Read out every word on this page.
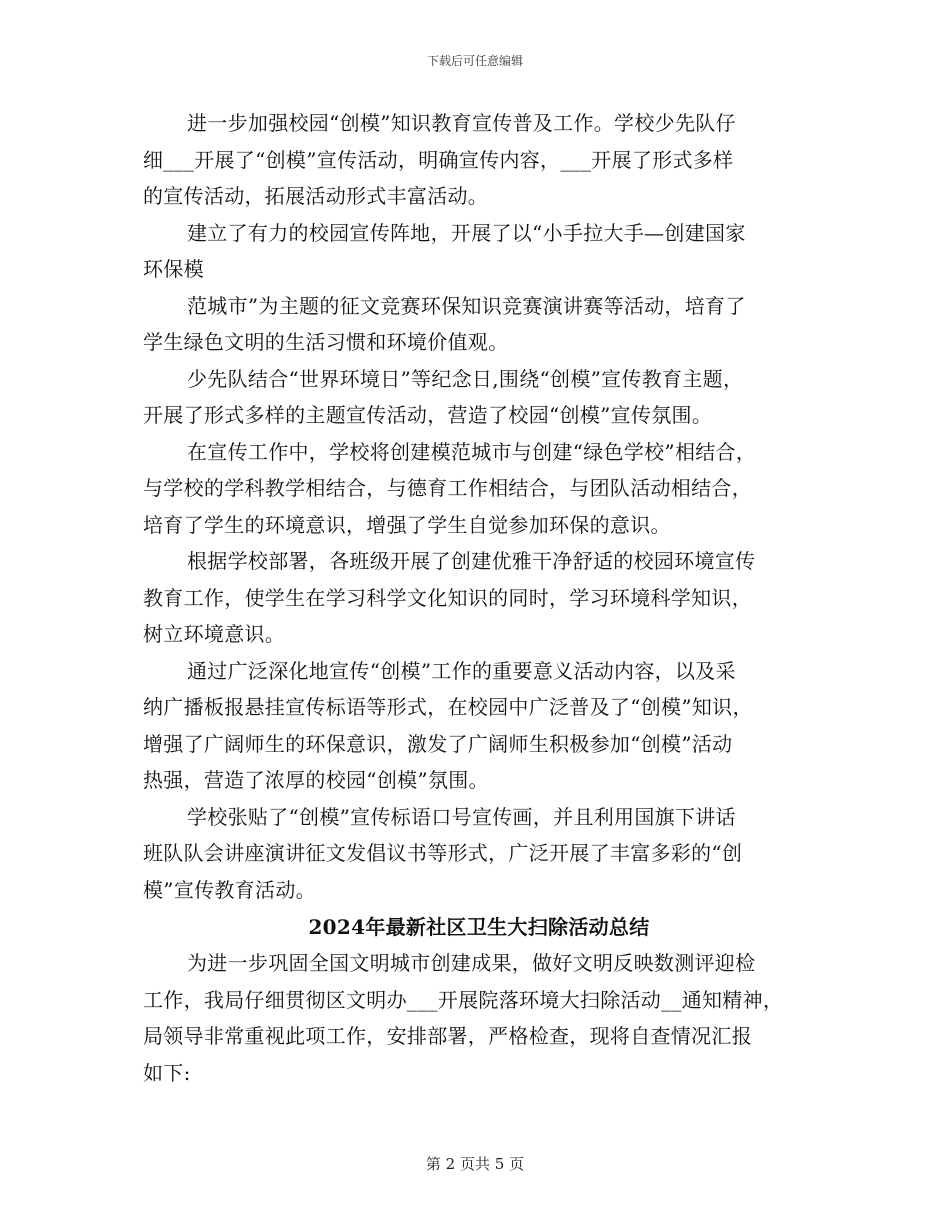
下载后可任意编辑

进一步加强校园“创模”知识教育宣传普及工作。学校少先队仔
细___开展了“创模”宣传活动，明确宣传内容，___开展了形式多样
的宣传活动，拓展活动形式丰富活动。

建立了有力的校园宣传阵地，开展了以“小手拉大手—创建国家
环保模

范城市”为主题的征文竞赛环保知识竞赛演讲赛等活动，培育了
学生绿色文明的生活习惯和环境价值观。

少先队结合“世界环境日”等纪念日,围绕“创模”宣传教育主题，
开展了形式多样的主题宣传活动，营造了校园“创模”宣传氛围。

在宣传工作中，学校将创建模范城市与创建“绿色学校”相结合，
与学校的学科教学相结合，与德育工作相结合，与团队活动相结合，
培育了学生的环境意识，增强了学生自觉参加环保的意识。

根据学校部署，各班级开展了创建优雅干净舒适的校园环境宣传
教育工作，使学生在学习科学文化知识的同时，学习环境科学知识，
树立环境意识。

通过广泛深化地宣传“创模”工作的重要意义活动内容，以及采
纳广播板报悬挂宣传标语等形式，在校园中广泛普及了“创模”知识，
增强了广阔师生的环保意识，激发了广阔师生积极参加“创模”活动
热强，营造了浓厚的校园“创模”氛围。

学校张贴了“创模”宣传标语口号宣传画，并且利用国旗下讲话
班队队会讲座演讲征文发倡议书等形式，广泛开展了丰富多彩的“创
模”宣传教育活动。

2024年最新社区卫生大扫除活动总结

为进一步巩固全国文明城市创建成果，做好文明反映数测评迎检
工作，我局仔细贯彻区文明办___开展院落环境大扫除活动__通知精神，
局领导非常重视此项工作，安排部署，严格检查，现将自查情况汇报
如下:

第 2 页共 5 页
